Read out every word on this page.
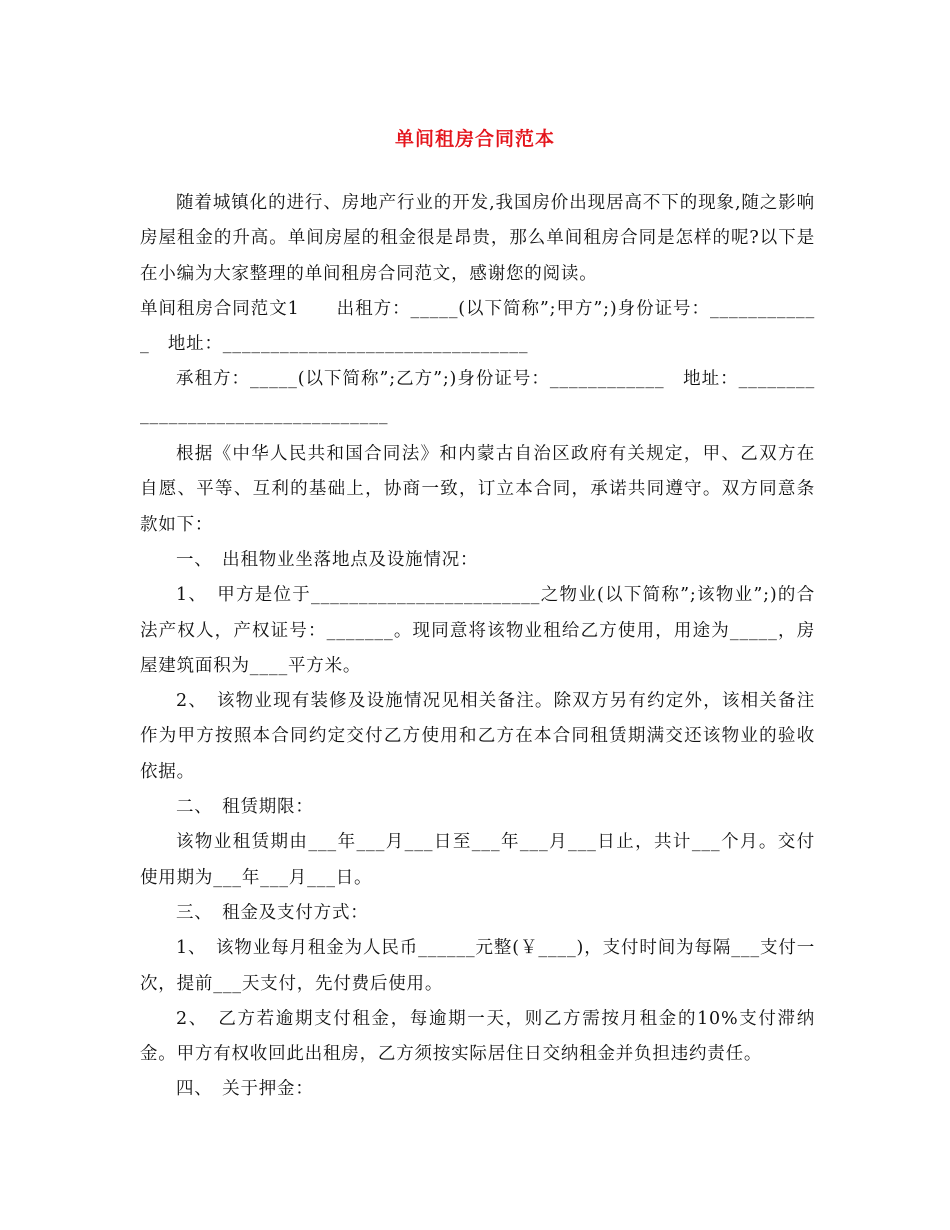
单间租房合同范本

随着城镇化的进行、房地产行业的开发,我国房价出现居高不下的现象,随之影响房屋租金的升高。单间房屋的租金很是昂贵，那么单间租房合同是怎样的呢?以下是在小编为大家整理的单间租房合同范文，感谢您的阅读。

单间租房合同范文1　　出租方：_____(以下简称”;甲方”;)身份证号：____________　地址：________________________________

承租方：_____(以下简称”;乙方”;)身份证号：____________　地址：__________________________________

根据《中华人民共和国合同法》和内蒙古自治区政府有关规定，甲、乙双方在自愿、平等、互利的基础上，协商一致，订立本合同，承诺共同遵守。双方同意条款如下：

一、　出租物业坐落地点及设施情况：

1、　甲方是位于________________________之物业(以下简称”;该物业”;)的合法产权人，产权证号：_______。现同意将该物业租给乙方使用，用途为_____，房屋建筑面积为____平方米。

2、　该物业现有装修及设施情况见相关备注。除双方另有约定外，该相关备注作为甲方按照本合同约定交付乙方使用和乙方在本合同租赁期满交还该物业的验收依据。

二、　租赁期限：

该物业租赁期由___年___月___日至___年___月___日止，共计___个月。交付使用期为___年___月___日。

三、　租金及支付方式：

1、　该物业每月租金为人民币______元整(￥____)，支付时间为每隔___支付一次，提前___天支付，先付费后使用。

2、　乙方若逾期支付租金，每逾期一天，则乙方需按月租金的10%支付滞纳金。甲方有权收回此出租房，乙方须按实际居住日交纳租金并负担违约责任。

四、　关于押金：
